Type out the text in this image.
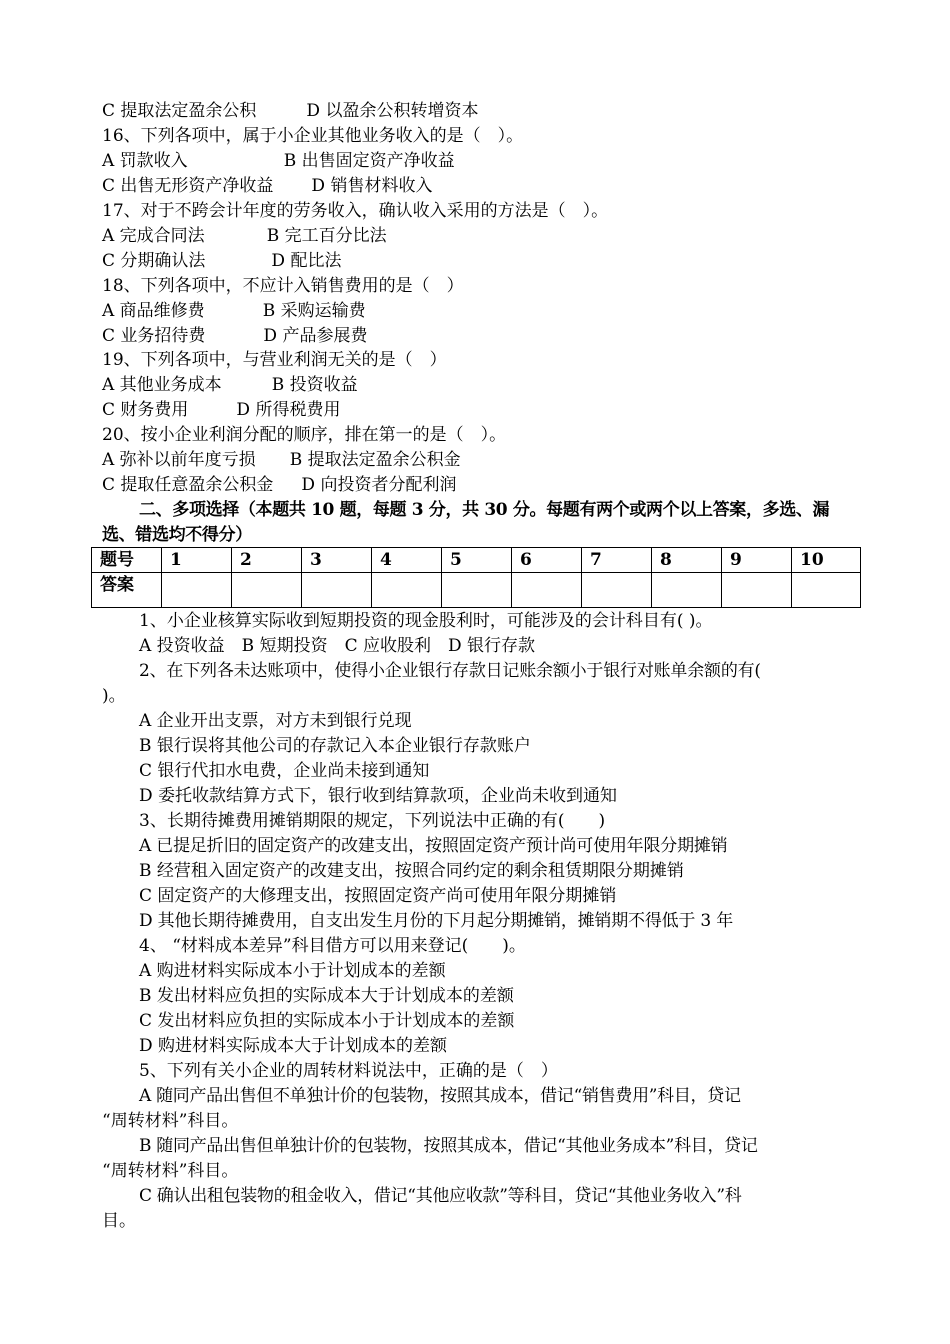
C 提取法定盈余公积	D 以盈余公积转增资本
16、下列各项中，属于小企业其他业务收入的是（　）。
A 罚款收入	B 出售固定资产净收益
C 出售无形资产净收益 D 销售材料收入
17、对于不跨会计年度的劳务收入，确认收入采用的方法是（　）。
A 完成合同法	B 完工百分比法
C 分期确认法	D 配比法
18、下列各项中，不应计入销售费用的是（　）
A 商品维修费	B 采购运输费
C 业务招待费	D 产品参展费
19、下列各项中，与营业利润无关的是（　）
A 其他业务成本	B 投资收益
C 财务费用	D 所得税费用
20、按小企业利润分配的顺序，排在第一的是（　）。
A 弥补以前年度亏损 B 提取法定盈余公积金
C 提取任意盈余公积金 D 向投资者分配利润
二、多项选择（本题共 10 题，每题 3 分，共 30 分。每题有两个或两个以上答案，多选、漏选、错选均不得分）
题号	1	2	3	4	5	6	7	8	9	10
答案										
1、小企业核算实际收到短期投资的现金股利时，可能涉及的会计科目有( )。
A 投资收益　B 短期投资　C 应收股利　D 银行存款
2、在下列各未达账项中，使得小企业银行存款日记账余额小于银行对账单余额的有(
)。
A 企业开出支票，对方未到银行兑现
B 银行误将其他公司的存款记入本企业银行存款账户
C 银行代扣水电费，企业尚未接到通知
D 委托收款结算方式下，银行收到结算款项，企业尚未收到通知
3、长期待摊费用摊销期限的规定，下列说法中正确的有(　　)
A 已提足折旧的固定资产的改建支出，按照固定资产预计尚可使用年限分期摊销
B 经营租入固定资产的改建支出，按照合同约定的剩余租赁期限分期摊销
C 固定资产的大修理支出，按照固定资产尚可使用年限分期摊销
D 其他长期待摊费用，自支出发生月份的下月起分期摊销，摊销期不得低于 3 年
4、 “材料成本差异”科目借方可以用来登记(　　)。
A 购进材料实际成本小于计划成本的差额
B 发出材料应负担的实际成本大于计划成本的差额
C 发出材料应负担的实际成本小于计划成本的差额
D 购进材料实际成本大于计划成本的差额
5、下列有关小企业的周转材料说法中，正确的是（　）
A 随同产品出售但不单独计价的包装物，按照其成本，借记“销售费用”科目，贷记
“周转材料”科目。
B 随同产品出售但单独计价的包装物，按照其成本，借记“其他业务成本”科目，贷记
“周转材料”科目。
C 确认出租包装物的租金收入，借记“其他应收款”等科目，贷记“其他业务收入”科
目。
